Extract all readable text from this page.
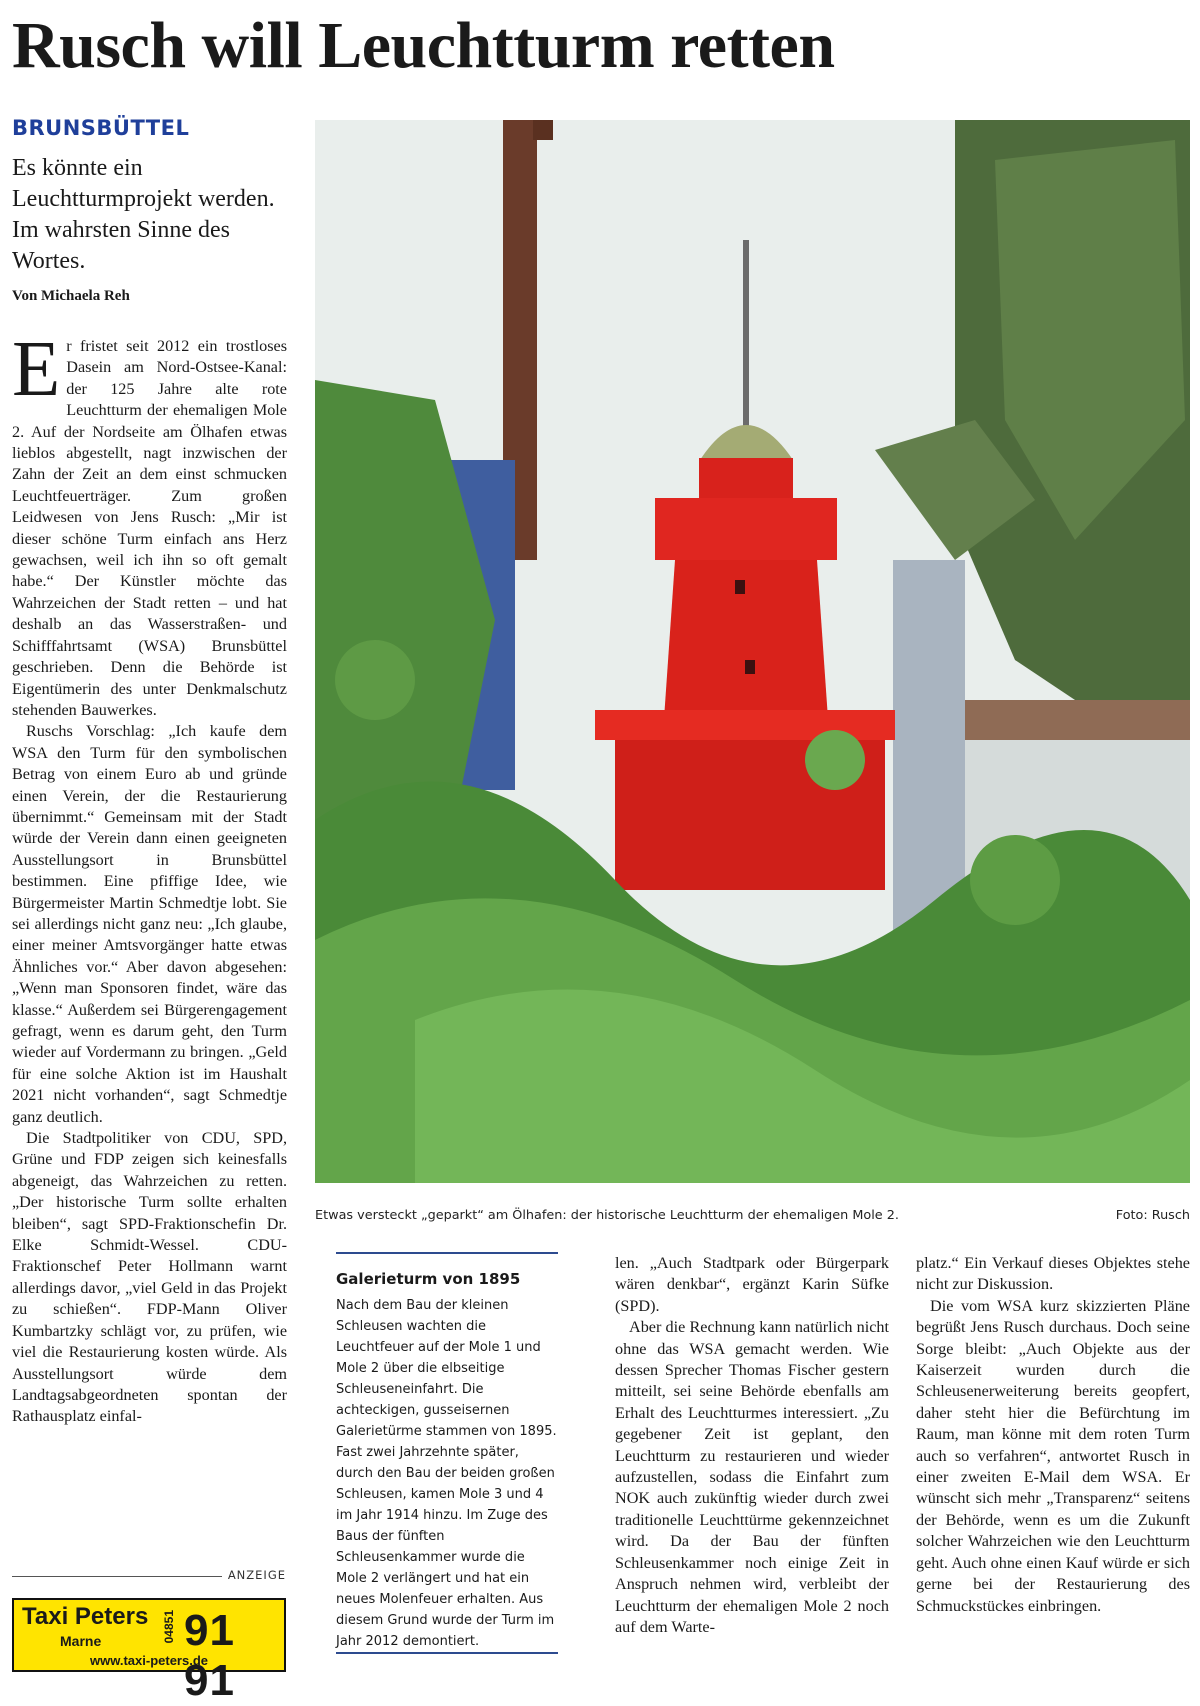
Rusch will Leuchtturm retten
BRUNSBÜTTEL
Es könnte ein Leuchtturmprojekt werden. Im wahrsten Sinne des Wortes.
Von Michaela Reh

Er fristet seit 2012 ein trostloses Dasein am Nord-Ostsee-Kanal: der 125 Jahre alte rote Leuchtturm der ehemaligen Mole 2. Auf der Nordseite am Ölhafen etwas lieblos abgestellt, nagt inzwischen der Zahn der Zeit an dem einst schmucken Leuchtfeuerträger. Zum großen Leidwesen von Jens Rusch: „Mir ist dieser schöne Turm einfach ans Herz gewachsen, weil ich ihn so oft gemalt habe.“ Der Künstler möchte das Wahrzeichen der Stadt retten – und hat deshalb an das Wasserstraßen- und Schifffahrtsamt (WSA) Brunsbüttel geschrieben. Denn die Behörde ist Eigentümerin des unter Denkmalschutz stehenden Bauwerkes.

Ruschs Vorschlag: „Ich kaufe dem WSA den Turm für den symbolischen Betrag von einem Euro ab und gründe einen Verein, der die Restaurierung übernimmt.“ Gemeinsam mit der Stadt würde der Verein dann einen geeigneten Ausstellungsort in Brunsbüttel bestimmen. Eine pfiffige Idee, wie Bürgermeister Martin Schmedtje lobt. Sie sei allerdings nicht ganz neu: „Ich glaube, einer meiner Amtsvorgänger hatte etwas Ähnliches vor.“ Aber davon abgesehen: „Wenn man Sponsoren findet, wäre das klasse.“ Außerdem sei Bürgerengagement gefragt, wenn es darum geht, den Turm wieder auf Vordermann zu bringen. „Geld für eine solche Aktion ist im Haushalt 2021 nicht vorhanden“, sagt Schmedtje ganz deutlich.

Die Stadtpolitiker von CDU, SPD, Grüne und FDP zeigen sich keinesfalls abgeneigt, das Wahrzeichen zu retten. „Der historische Turm sollte erhalten bleiben“, sagt SPD-Fraktionschefin Dr. Elke Schmidt-Wessel. CDU-Fraktionschef Peter Hollmann warnt allerdings davor, „viel Geld in das Projekt zu schießen“. FDP-Mann Oliver Kumbartzky schlägt vor, zu prüfen, wie viel die Restaurierung kosten würde. Als Ausstellungsort würde dem Landtagsabgeordneten spontan der Rathausplatz einfal-

Etwas versteckt „geparkt“ am Ölhafen: der historische Leuchtturm der ehemaligen Mole 2.	Foto: Rusch
Galerieturm von 1895

Nach dem Bau der kleinen Schleusen wachten die Leuchtfeuer auf der Mole 1 und Mole 2 über die elbseitige Schleuseneinfahrt. Die achteckigen, gusseisernen Galerietürme stammen von 1895. Fast zwei Jahrzehnte später, durch den Bau der beiden großen Schleusen, kamen Mole 3 und 4 im Jahr 1914 hinzu. Im Zuge des Baus der fünften Schleusenkammer wurde die Mole 2 verlängert und hat ein neues Molenfeuer erhalten. Aus diesem Grund wurde der Turm im Jahr 2012 demontiert.

len. „Auch Stadtpark oder Bürgerpark wären denkbar“, ergänzt Karin Süfke (SPD).

Aber die Rechnung kann natürlich nicht ohne das WSA gemacht werden. Wie dessen Sprecher Thomas Fischer gestern mitteilt, sei seine Behörde ebenfalls am Erhalt des Leuchtturmes interessiert. „Zu gegebener Zeit ist geplant, den Leuchtturm zu restaurieren und wieder aufzustellen, sodass die Einfahrt zum NOK auch zukünftig wieder durch zwei traditionelle Leuchttürme gekennzeichnet wird. Da der Bau der fünften Schleusenkammer noch einige Zeit in Anspruch nehmen wird, verbleibt der Leuchtturm der ehemaligen Mole 2 noch auf dem Warte-

platz.“ Ein Verkauf dieses Objektes stehe nicht zur Diskussion.

Die vom WSA kurz skizzierten Pläne begrüßt Jens Rusch durchaus. Doch seine Sorge bleibt: „Auch Objekte aus der Kaiserzeit wurden durch die Schleusenerweiterung bereits geopfert, daher steht hier die Befürchtung im Raum, man könne mit dem roten Turm auch so verfahren“, antwortet Rusch in einer zweiten E-Mail dem WSA. Er wünscht sich mehr „Transparenz“ seitens der Behörde, wenn es um die Zukunft solcher Wahrzeichen wie den Leuchtturm geht. Auch ohne einen Kauf würde er sich gerne bei der Restaurierung des Schmuckstückes einbringen.

ANZEIGE
Taxi Peters
Marne	04851 91 91
www.taxi-peters.de
